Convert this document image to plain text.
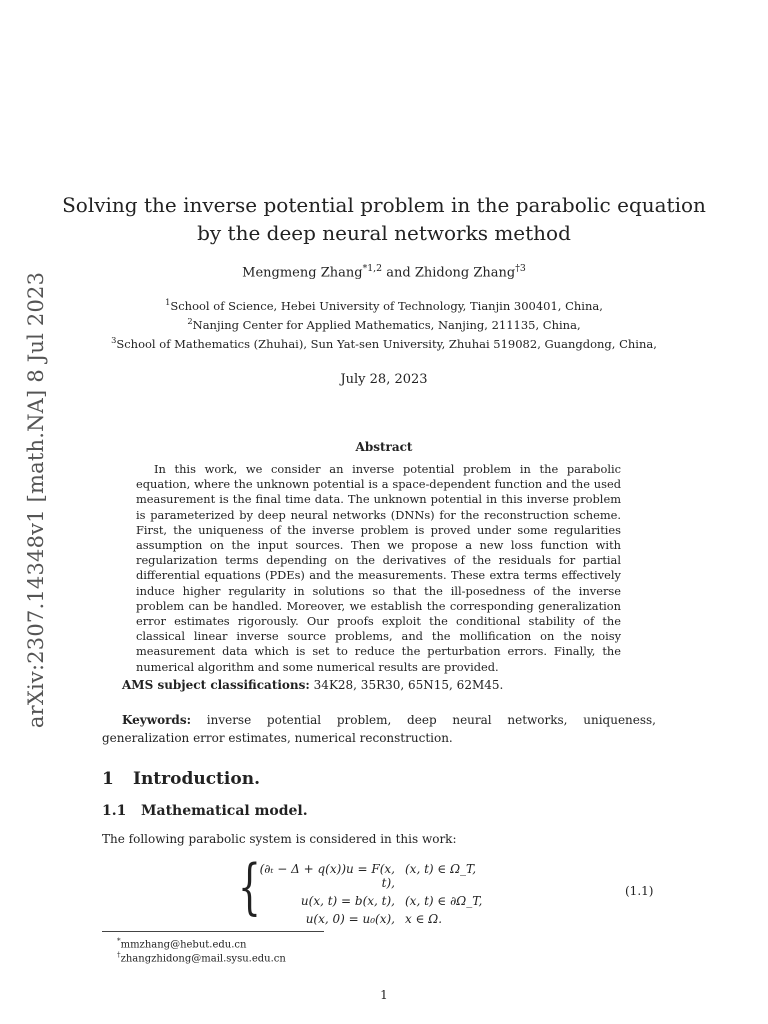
arXiv:2307.14348v1 [math.NA] 8 Jul 2023
Solving the inverse potential problem in the parabolic equation
by the deep neural networks method
Mengmeng Zhang$^{*1,2}$ and Zhidong Zhang$^{\dagger 3}$
$^1$School of Science, Hebei University of Technology, Tianjin 300401, China,
$^2$Nanjing Center for Applied Mathematics, Nanjing, 211135, China,
$^3$School of Mathematics (Zhuhai), Sun Yat-sen University, Zhuhai 519082, Guangdong, China,
July 28, 2023
Abstract
In this work, we consider an inverse potential problem in the parabolic equation, where the unknown potential is a space-dependent function and the used measurement is the final time data. The unknown potential in this inverse problem is parameterized by deep neural networks (DNNs) for the reconstruction scheme. First, the uniqueness of the inverse problem is proved under some regularities assumption on the input sources. Then we propose a new loss function with regularization terms depending on the derivatives of the residuals for partial differential equations (PDEs) and the measurements. These extra terms effectively induce higher regularity in solutions so that the ill-posedness of the inverse problem can be handled. Moreover, we establish the corresponding generalization error estimates rigorously. Our proofs exploit the conditional stability of the classical linear inverse source problems, and the mollification on the noisy measurement data which is set to reduce the perturbation errors. Finally, the numerical algorithm and some numerical results are provided.
AMS subject classifications: 34K28, 35R30, 65N15, 62M45.
Keywords: inverse potential problem, deep neural networks, uniqueness, generalization error estimates, numerical reconstruction.
1 Introduction.
1.1 Mathematical model.
The following parabolic system is considered in this work:
{
(∂ₜ − Δ + q(x))u = F(x, t),
(x, t) ∈ Ω_T,
u(x, t) = b(x, t), (x, t) ∈ ∂Ω_T,
u(x, 0) = u₀(x), x ∈ Ω.
(1.1)
*mmzhang@hebut.edu.cn
†zhangzhidong@mail.sysu.edu.cn
1
